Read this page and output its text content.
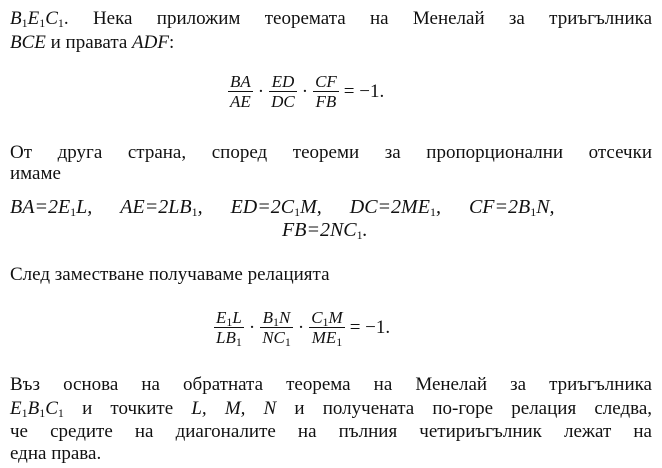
$B_1E_1C_1$. Нека приложим теоремата на Менелай за триъгълника
BCE и правата ADF:
$\frac{BA}{AE} \cdot \frac{ED}{DC} \cdot \frac{CF}{FB} = -1$.
От друга страна, според теореми за пропорционални отсечки
имаме
$BA=2E_1L$, $AE=2LB_1$, $ED=2C_1M$, $DC=2ME_1$, $CF=2B_1N$,
$FB=2NC_1$.
След заместване получаваме релацията
$\frac{E_1L}{LB_1} \cdot \frac{B_1N}{NC_1} \cdot \frac{C_1M}{ME_1} = -1$.
Въз основа на обратната теорема на Менелай за триъгълника
$E_1B_1C_1$ и точките L, M, N и получената по-горе релация следва,
че средите на диагоналите на пълния четириъгълник лежат на
една права.
